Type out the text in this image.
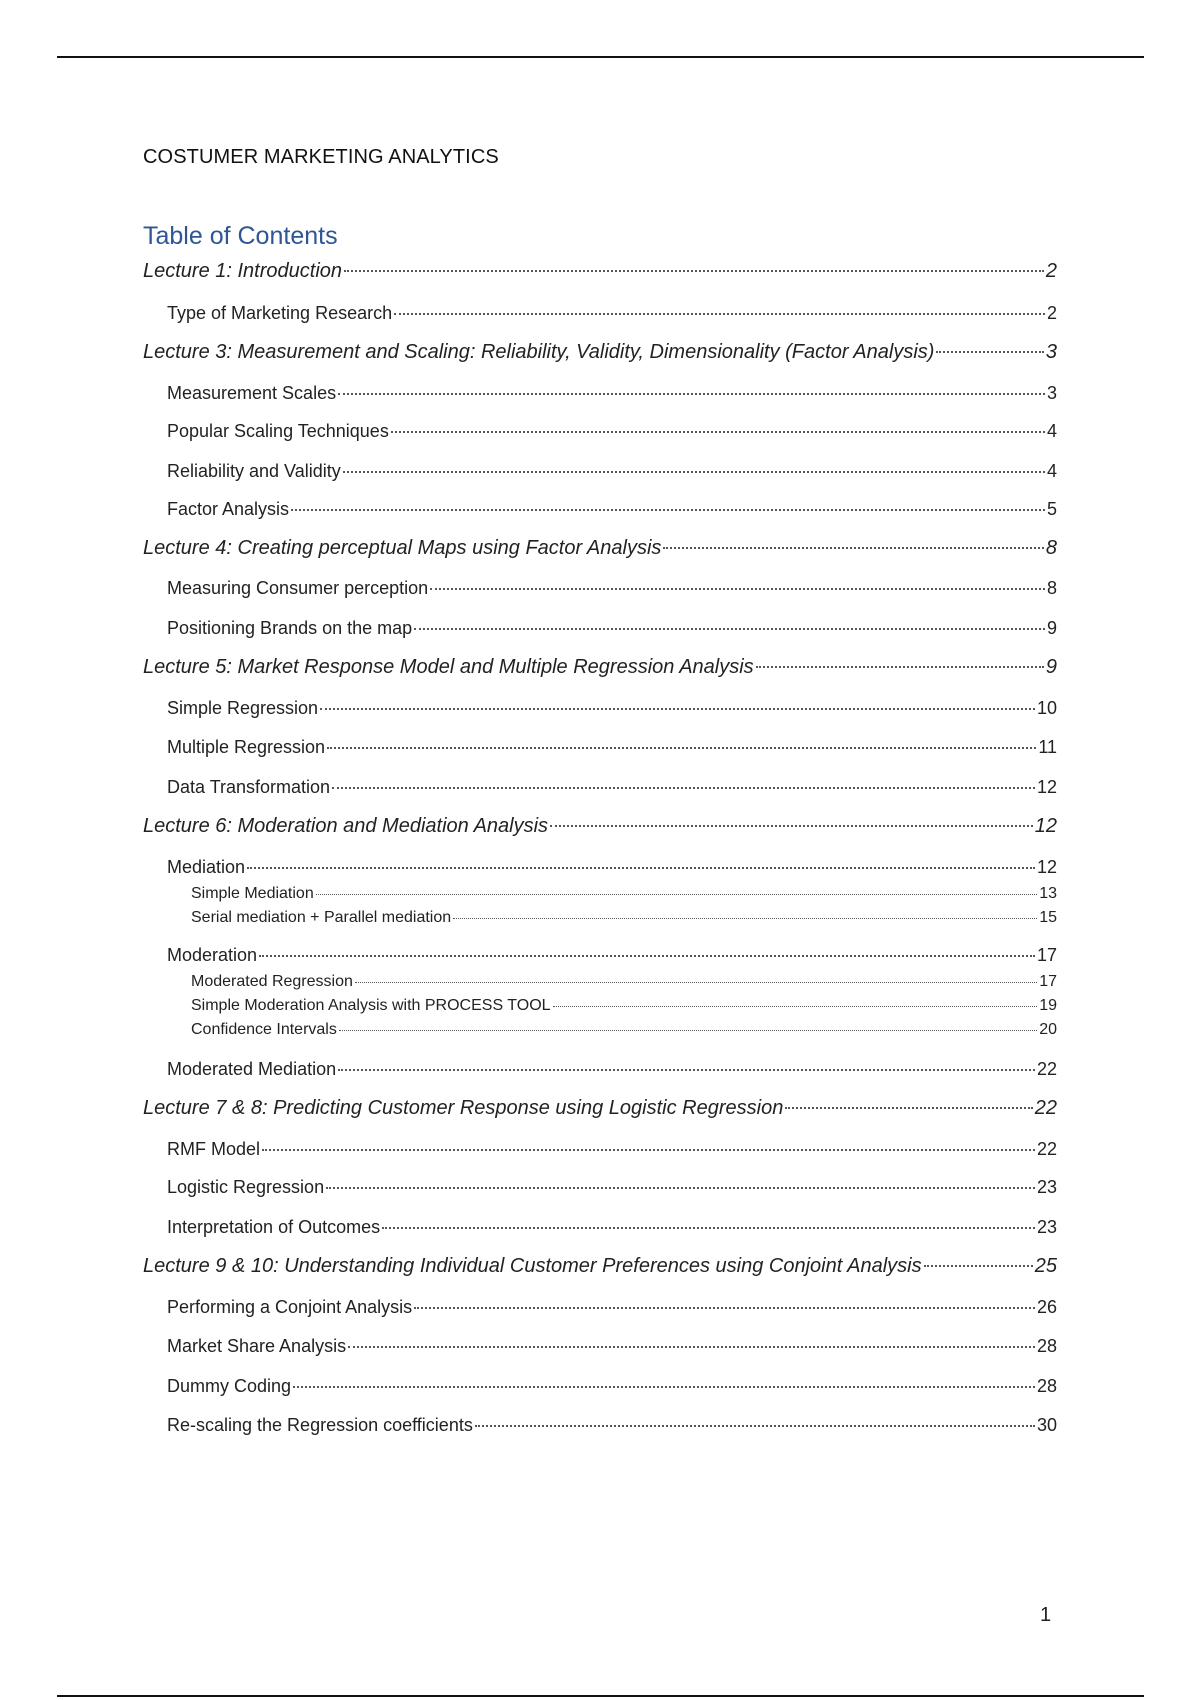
COSTUMER MARKETING ANALYTICS
Table of Contents
Lecture 1: Introduction	2
Type of Marketing Research	2
Lecture 3: Measurement and Scaling: Reliability, Validity, Dimensionality (Factor Analysis)	3
Measurement Scales	3
Popular Scaling Techniques	4
Reliability and Validity	4
Factor Analysis	5
Lecture 4: Creating perceptual Maps using Factor Analysis	8
Measuring Consumer perception	8
Positioning Brands on the map	9
Lecture 5: Market Response Model and Multiple Regression Analysis	9
Simple Regression	10
Multiple Regression	11
Data Transformation	12
Lecture 6: Moderation and Mediation Analysis	12
Mediation	12
Simple Mediation	13
Serial mediation + Parallel mediation	15
Moderation	17
Moderated Regression	17
Simple Moderation Analysis with PROCESS TOOL	19
Confidence Intervals	20
Moderated Mediation	22
Lecture 7 & 8: Predicting Customer Response using Logistic Regression	22
RMF Model	22
Logistic Regression	23
Interpretation of Outcomes	23
Lecture 9 & 10: Understanding Individual Customer Preferences using Conjoint Analysis	25
Performing a Conjoint Analysis	26
Market Share Analysis	28
Dummy Coding	28
Re-scaling the Regression coefficients	30
1
